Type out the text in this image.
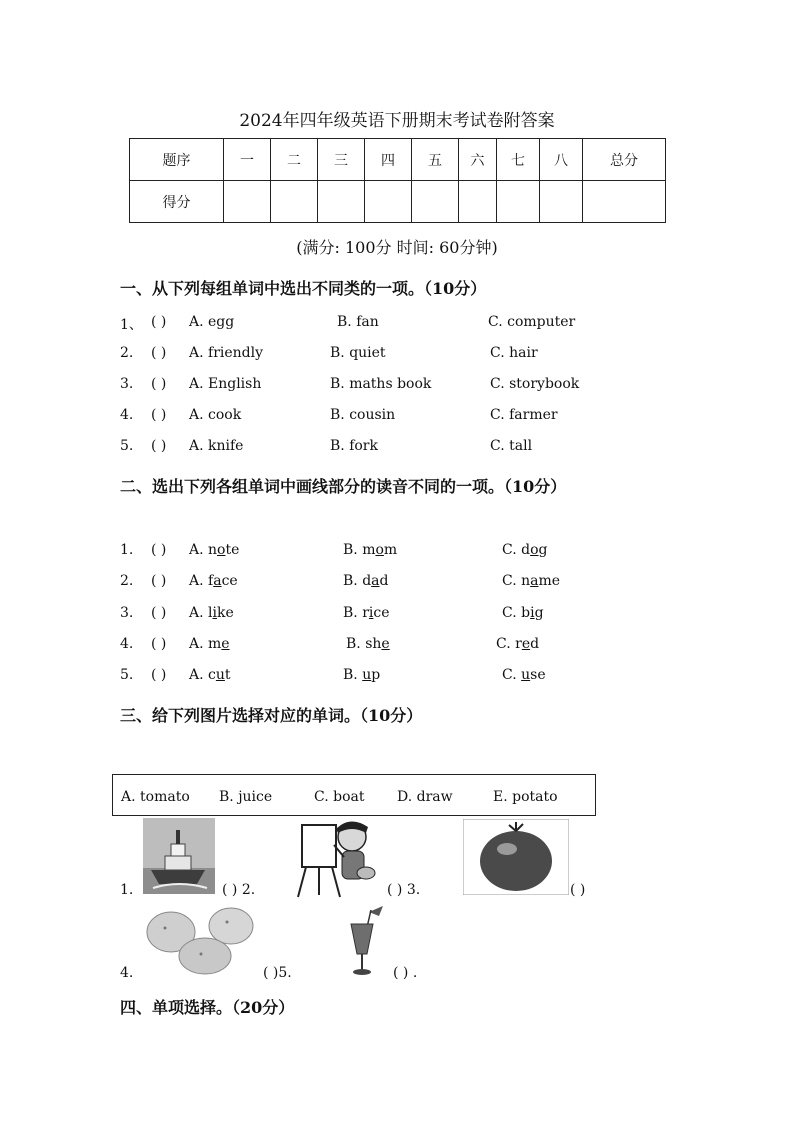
2024年四年级英语下册期末考试卷附答案
题序	一	二	三	四	五	六	七	八	总分
得分									
(满分: 100分 时间: 60分钟)
一、从下列每组单词中选出不同类的一项。（10分）
1、 ( ) A. egg	B. fan	C. computer
2. ( ) A. friendly	B. quiet	C. hair
3. ( ) A. English	B. maths book	C. storybook
4. ( ) A. cook	B. cousin	C. farmer
5. ( ) A. knife	B. fork	C. tall
二、选出下列各组单词中画线部分的读音不同的一项。（10分）
1. ( ) A. note	B. mom	C. dog
2. ( ) A. face	B. dad	C. name
3. ( ) A. like	B. rice	C. big
4. ( ) A. me	B. she	C. red
5. ( ) A. cut	B. up	C. use
三、给下列图片选择对应的单词。（10分）
A. tomato B. juice	C. boat D. draw	E. potato
1.	( ) 2.	( ) 3.	( )
4.	( )5.	( ) .
四、单项选择。（20分）
